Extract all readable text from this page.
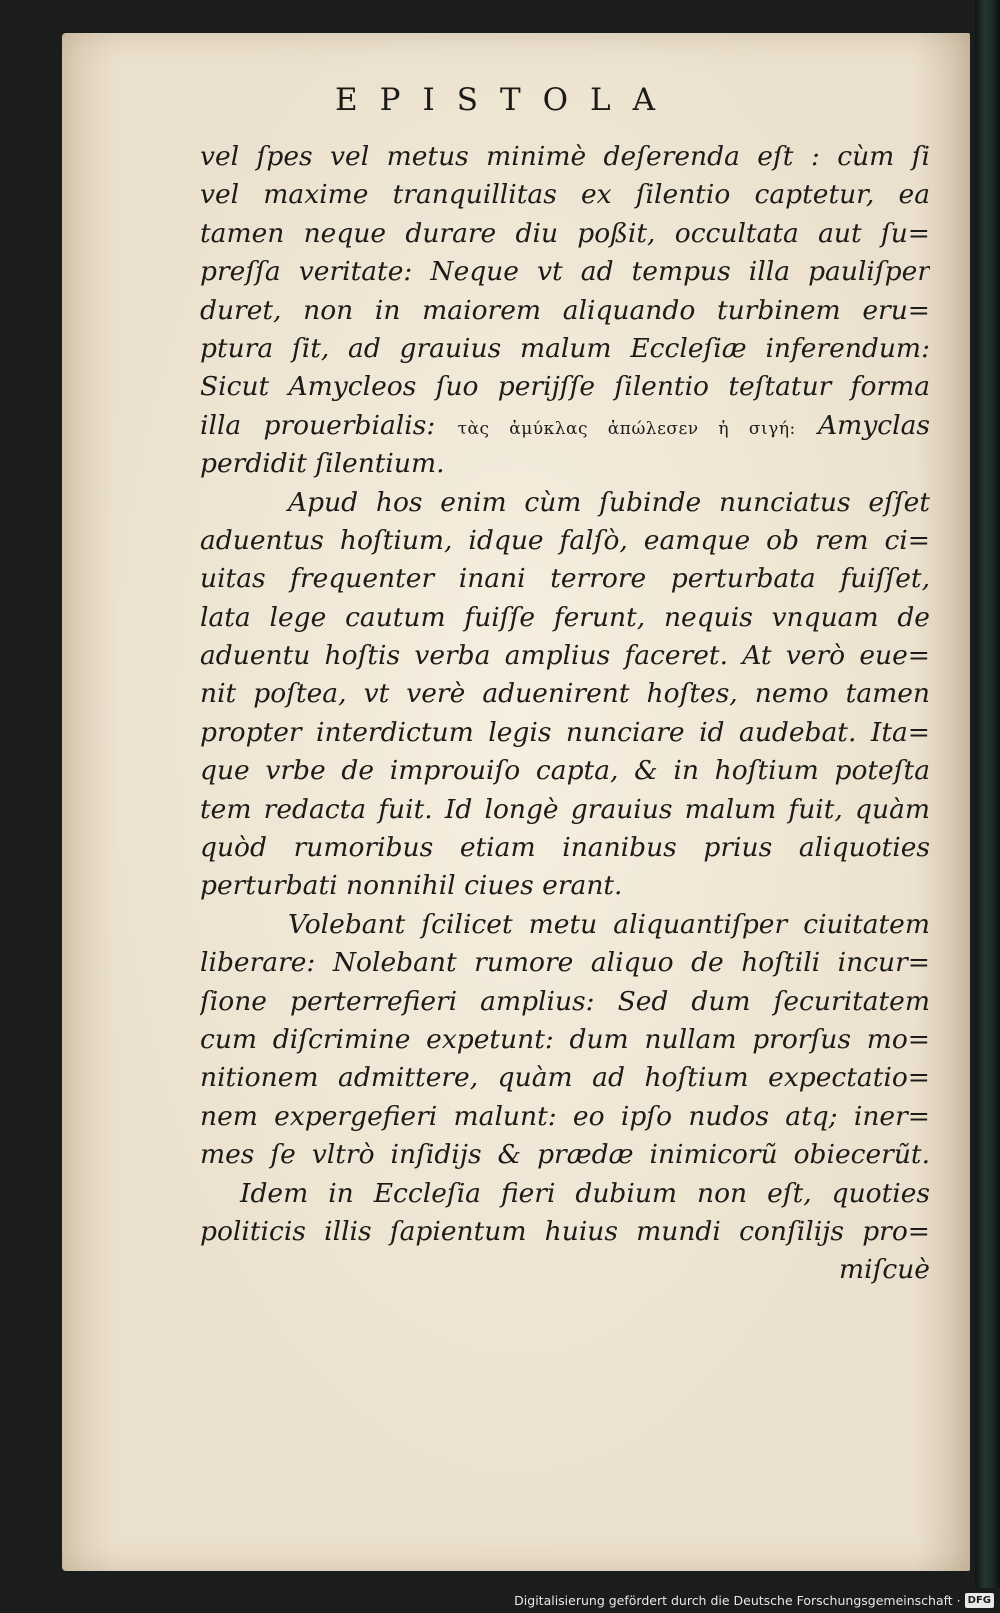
EPISTOLA
vel ſpes vel metus minimè deſerenda eſt : cùm ſi
vel maxime tranquillitas ex ſilentio captetur, ea
tamen neque durare diu poßit, occultata aut ſu=
preſſa veritate: Neque vt ad tempus illa pauliſper
duret, non in maiorem aliquando turbinem eru=
ptura ſit, ad grauius malum Eccleſiæ inferendum:
Sicut Amycleos ſuo perijſſe ſilentio teſtatur forma
illa prouerbialis: τὰς ἀμύκλας ἀπώλεσεν ἡ σιγή: Amyclas
perdidit ſilentium.
Apud hos enim cùm ſubinde nunciatus eſſet
aduentus hoſtium, idque falſò, eamque ob rem ci=
uitas frequenter inani terrore perturbata fuiſſet,
lata lege cautum fuiſſe ferunt, nequis vnquam de
aduentu hoſtis verba amplius faceret. At verò eue=
nit poſtea, vt verè aduenirent hoſtes, nemo tamen
propter interdictum legis nunciare id audebat. Ita=
que vrbe de improuiſo capta, & in hoſtium poteſta
tem redacta fuit. Id longè grauius malum fuit, quàm
quòd rumoribus etiam inanibus prius aliquoties
perturbati nonnihil ciues erant.
Volebant ſcilicet metu aliquantiſper ciuitatem
liberare: Nolebant rumore aliquo de hoſtili incur=
ſione perterrefieri amplius: Sed dum ſecuritatem
cum diſcrimine expetunt: dum nullam prorſus mo=
nitionem admittere, quàm ad hoſtium expectatio=
nem expergefieri malunt: eo ipſo nudos atq; iner=
mes ſe vltrò inſidijs & prædæ inimicorũ obiecerũt.
Idem in Eccleſia fieri dubium non eſt, quoties
politicis illis ſapientum huius mundi conſilijs pro=
miſcuè
Digitalisierung gefördert durch die Deutsche Forschungsgemeinschaft · DFG
